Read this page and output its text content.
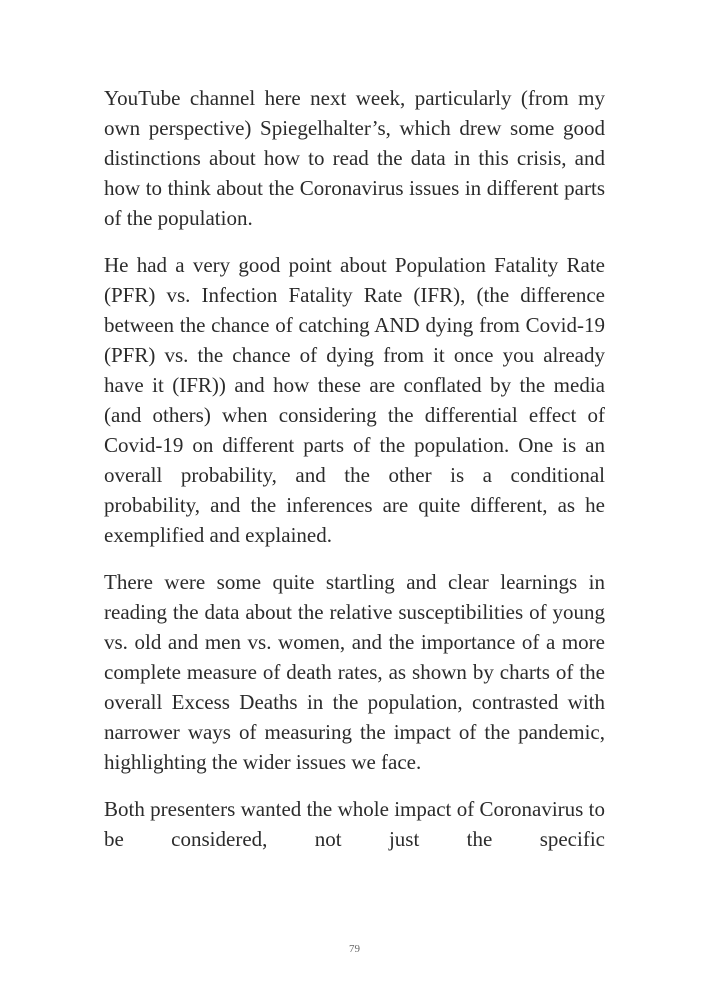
YouTube channel here next week, particularly (from my own perspective) Spiegelhalter’s, which drew some good distinctions about how to read the data in this crisis, and how to think about the Coronavirus issues in different parts of the population.

He had a very good point about Population Fatality Rate (PFR) vs. Infection Fatality Rate (IFR), (the difference between the chance of catching AND dying from Covid-19 (PFR) vs. the chance of dying from it once you already have it (IFR)) and how these are conflated by the media (and others) when considering the differential effect of Covid-19 on different parts of the population. One is an overall probability, and the other is a conditional probability, and the inferences are quite different, as he exemplified and explained.

There were some quite startling and clear learnings in reading the data about the relative susceptibilities of young vs. old and men vs. women, and the importance of a more complete measure of death rates, as shown by charts of the overall Excess Deaths in the population, contrasted with narrower ways of measuring the impact of the pandemic, highlighting the wider issues we face.

Both presenters wanted the whole impact of Coronavirus to be considered, not just the specific

79
